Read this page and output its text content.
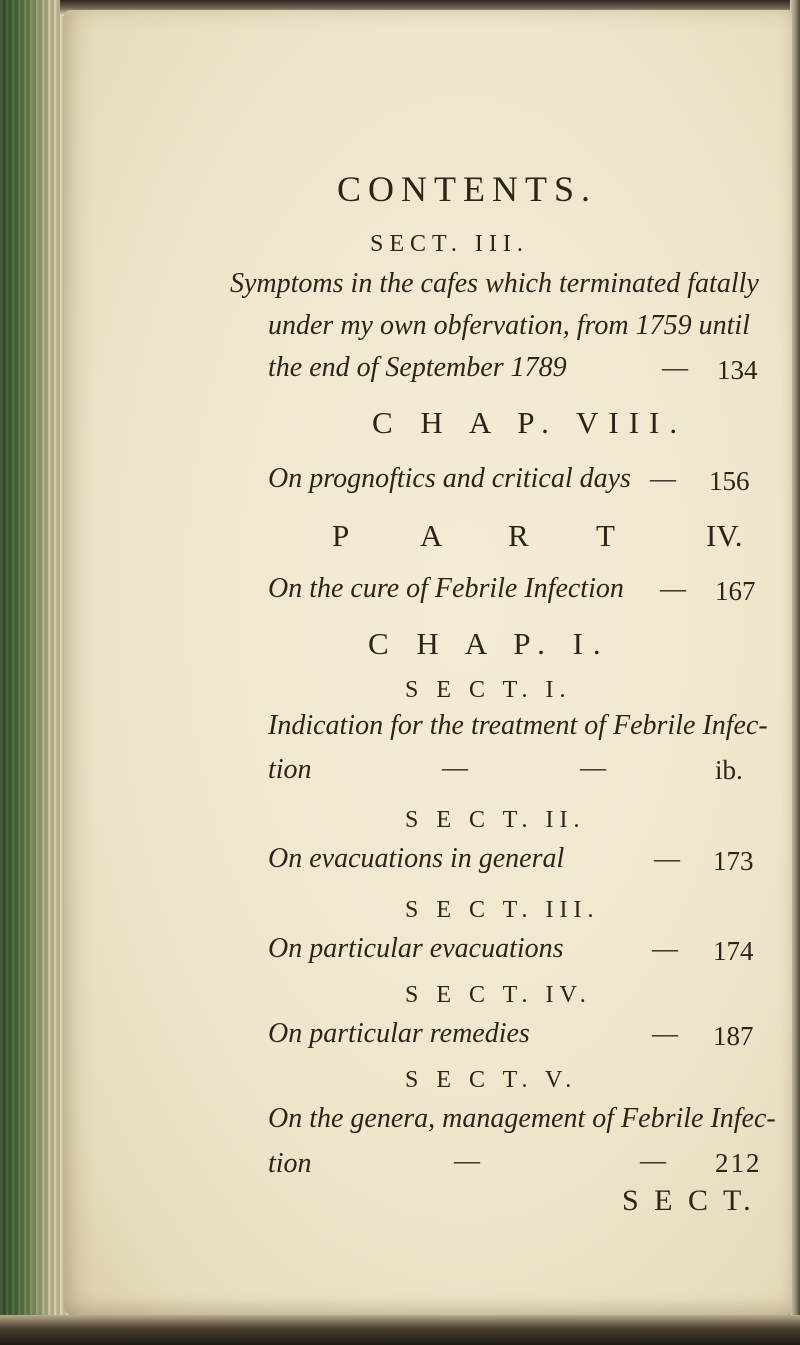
CONTENTS.
SECT. III.
Symptoms in the cafes which terminated fatally
under my own obfervation, from 1759 until
the end of September 1789	— 134
C H A P. VIII.
On prognoftics and critical days — 156
P A R T	IV.
On the cure of Febrile Infection — 167
C H A P. I.
S E C T. I.
Indication for the treatment of Febrile Infec-
tion	—	—	ib.
S E C T. II.
On evacuations in general	— 173
S E C T. III.
On particular evacuations	— 174
S E C T. IV.
On particular remedies	— 187
S E C T. V.
On the genera, management of Febrile Infec-
tion	—	— 212
S E C T.
